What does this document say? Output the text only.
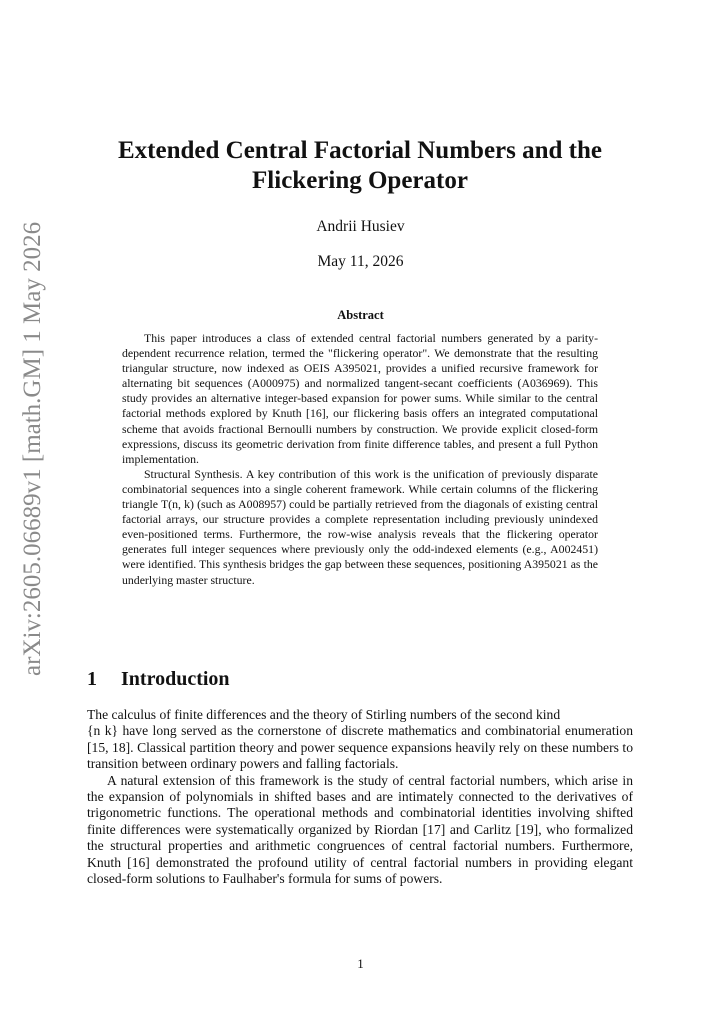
arXiv:2605.06689v1 [math.GM] 1 May 2026
Extended Central Factorial Numbers and the
Flickering Operator
Andrii Husiev
May 11, 2026
Abstract

This paper introduces a class of extended central factorial numbers generated by a parity-dependent recurrence relation, termed the "flickering operator". We demonstrate that the resulting triangular structure, now indexed as OEIS A395021, provides a unified recursive framework for alternating bit sequences (A000975) and normalized tangent-secant coefficients (A036969). This study provides an alternative integer-based expansion for power sums. While similar to the central factorial methods explored by Knuth [16], our flickering basis offers an integrated computational scheme that avoids fractional Bernoulli numbers by construction. We provide explicit closed-form expressions, discuss its geometric derivation from finite difference tables, and present a full Python implementation.

Structural Synthesis. A key contribution of this work is the unification of previously disparate combinatorial sequences into a single coherent framework. While certain columns of the flickering triangle T(n, k) (such as A008957) could be partially retrieved from the diagonals of existing central factorial arrays, our structure provides a complete representation including previously unindexed even-positioned terms. Furthermore, the row-wise analysis reveals that the flickering operator generates full integer sequences where previously only the odd-indexed elements (e.g., A002451) were identified. This synthesis bridges the gap between these sequences, positioning A395021 as the underlying master structure.

1 Introduction

The calculus of finite differences and the theory of Stirling numbers of the second kind
{n k} have long served as the cornerstone of discrete mathematics and combinatorial enumeration [15, 18]. Classical partition theory and power sequence expansions heavily rely on these numbers to transition between ordinary powers and falling factorials.

A natural extension of this framework is the study of central factorial numbers, which arise in the expansion of polynomials in shifted bases and are intimately connected to the derivatives of trigonometric functions. The operational methods and combinatorial identities involving shifted finite differences were systematically organized by Riordan [17] and Carlitz [19], who formalized the structural properties and arithmetic congruences of central factorial numbers. Furthermore, Knuth [16] demonstrated the profound utility of central factorial numbers in providing elegant closed-form solutions to Faulhaber's formula for sums of powers.

1
